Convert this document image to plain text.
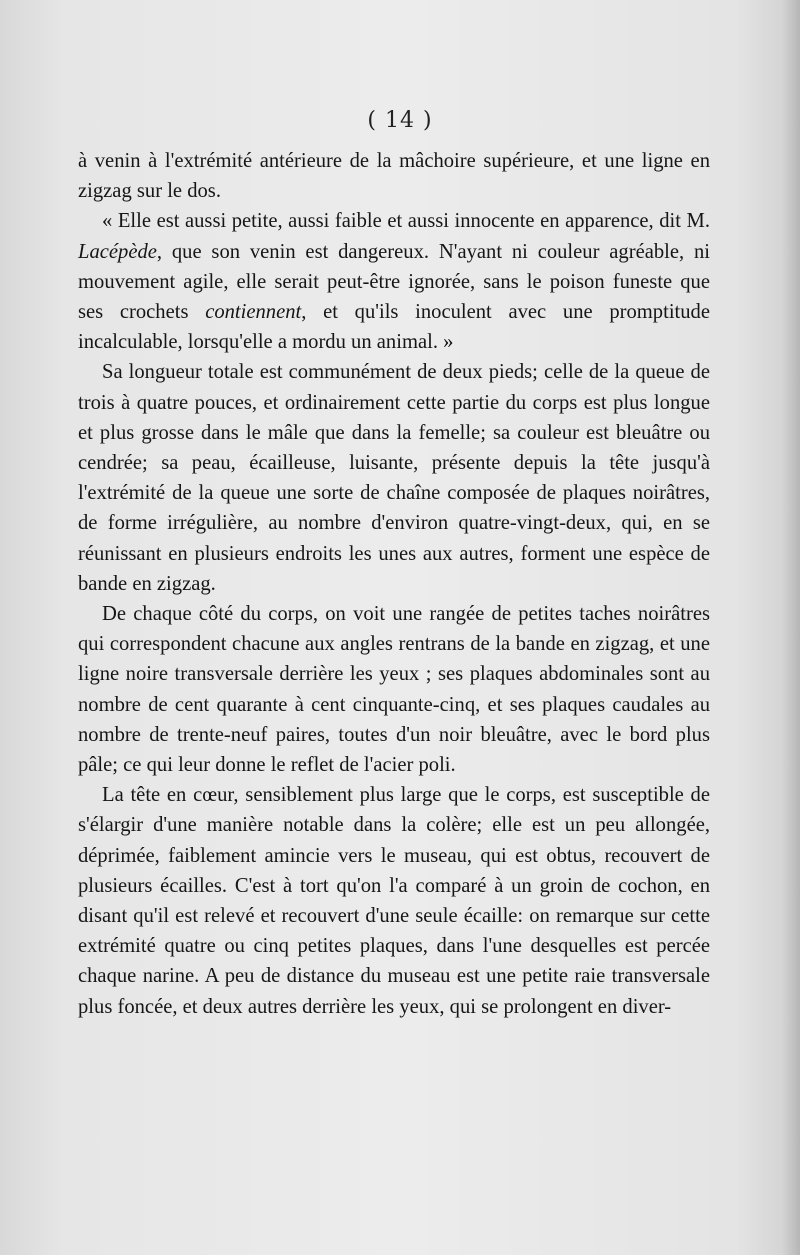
( 14 )

à venin à l'extrémité antérieure de la mâchoire supérieure, et une ligne en zigzag sur le dos.

« Elle est aussi petite, aussi faible et aussi innocente en apparence, dit M. Lacépède, que son venin est dangereux. N'ayant ni couleur agréable, ni mouvement agile, elle serait peut-être ignorée, sans le poison funeste que ses crochets contiennent, et qu'ils inoculent avec une promptitude incalculable, lorsqu'elle a mordu un animal. »

Sa longueur totale est communément de deux pieds; celle de la queue de trois à quatre pouces, et ordinairement cette partie du corps est plus longue et plus grosse dans le mâle que dans la femelle; sa couleur est bleuâtre ou cendrée; sa peau, écailleuse, luisante, présente depuis la tête jusqu'à l'extrémité de la queue une sorte de chaîne composée de plaques noirâtres, de forme irrégulière, au nombre d'environ quatre-vingt-deux, qui, en se réunissant en plusieurs endroits les unes aux autres, forment une espèce de bande en zigzag.

De chaque côté du corps, on voit une rangée de petites taches noirâtres qui correspondent chacune aux angles rentrans de la bande en zigzag, et une ligne noire transversale derrière les yeux ; ses plaques abdominales sont au nombre de cent quarante à cent cinquante-cinq, et ses plaques caudales au nombre de trente-neuf paires, toutes d'un noir bleuâtre, avec le bord plus pâle; ce qui leur donne le reflet de l'acier poli.

La tête en cœur, sensiblement plus large que le corps, est susceptible de s'élargir d'une manière notable dans la colère; elle est un peu allongée, déprimée, faiblement amincie vers le museau, qui est obtus, recouvert de plusieurs écailles. C'est à tort qu'on l'a comparé à un groin de cochon, en disant qu'il est relevé et recouvert d'une seule écaille: on remarque sur cette extrémité quatre ou cinq petites plaques, dans l'une desquelles est percée chaque narine. A peu de distance du museau est une petite raie transversale plus foncée, et deux autres derrière les yeux, qui se prolongent en diver-
